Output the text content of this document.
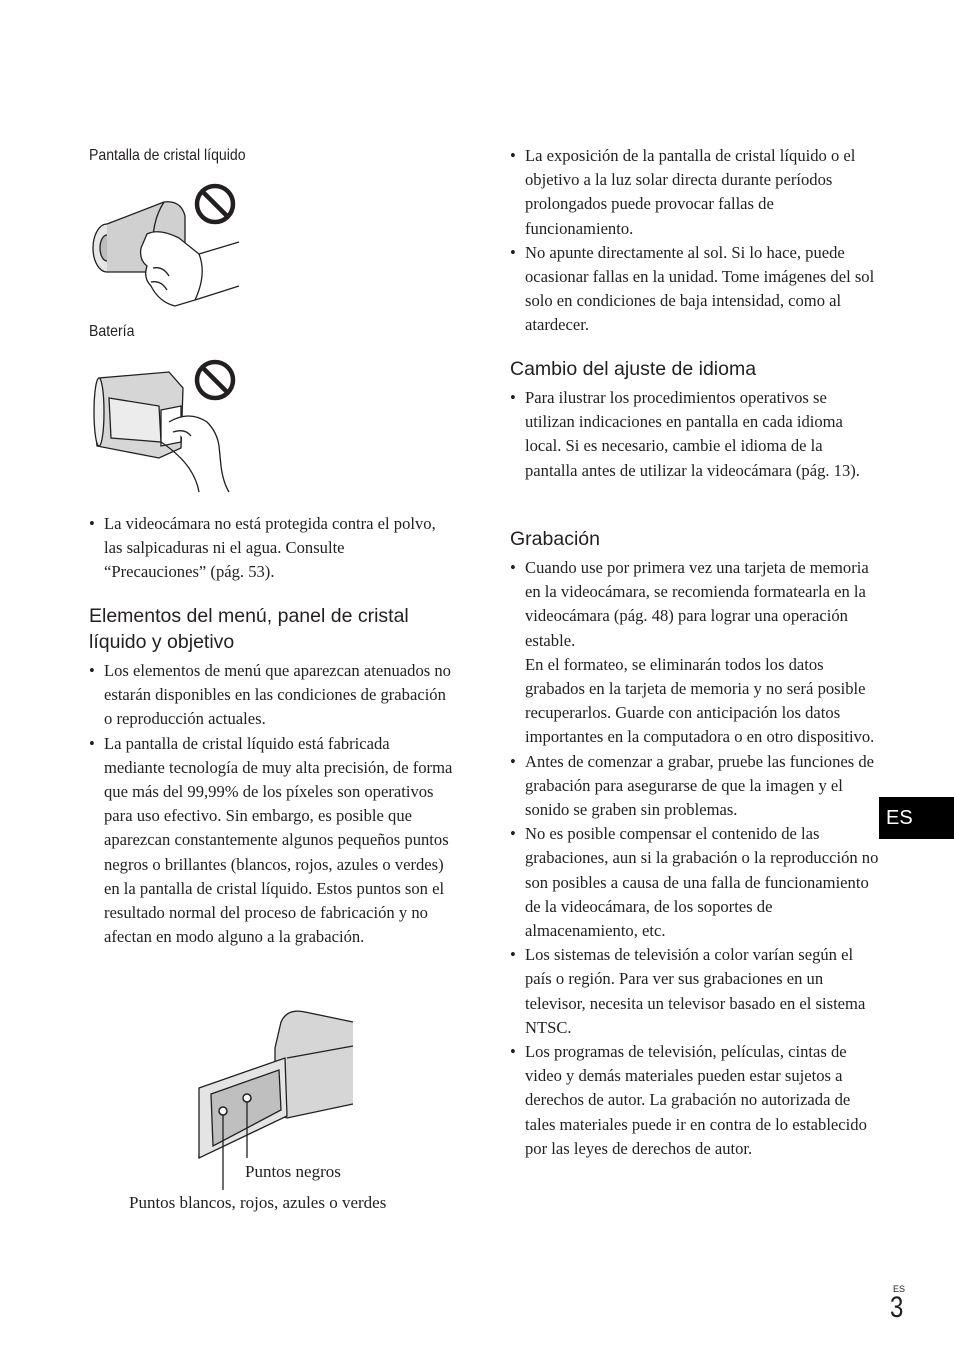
Pantalla de cristal líquido
Batería
• La videocámara no está protegida contra el polvo, las salpicaduras ni el agua. Consulte “Precauciones” (pág. 53).
Elementos del menú, panel de cristal líquido y objetivo
• Los elementos de menú que aparezcan atenuados no estarán disponibles en las condiciones de grabación o reproducción actuales.
• La pantalla de cristal líquido está fabricada mediante tecnología de muy alta precisión, de forma que más del 99,99% de los píxeles son operativos para uso efectivo. Sin embargo, es posible que aparezcan constantemente algunos pequeños puntos negros o brillantes (blancos, rojos, azules o verdes) en la pantalla de cristal líquido. Estos puntos son el resultado normal del proceso de fabricación y no afectan en modo alguno a la grabación.
Puntos negros
Puntos blancos, rojos, azules o verdes
• La exposición de la pantalla de cristal líquido o el objetivo a la luz solar directa durante períodos prolongados puede provocar fallas de funcionamiento.
• No apunte directamente al sol. Si lo hace, puede ocasionar fallas en la unidad. Tome imágenes del sol solo en condiciones de baja intensidad, como al atardecer.
Cambio del ajuste de idioma
• Para ilustrar los procedimientos operativos se utilizan indicaciones en pantalla en cada idioma local. Si es necesario, cambie el idioma de la pantalla antes de utilizar la videocámara (pág. 13).
Grabación
• Cuando use por primera vez una tarjeta de memoria en la videocámara, se recomienda formatearla en la videocámara (pág. 48) para lograr una operación estable.
En el formateo, se eliminarán todos los datos grabados en la tarjeta de memoria y no será posible recuperarlos. Guarde con anticipación los datos importantes en la computadora o en otro dispositivo.
• Antes de comenzar a grabar, pruebe las funciones de grabación para asegurarse de que la imagen y el sonido se graben sin problemas.
• No es posible compensar el contenido de las grabaciones, aun si la grabación o la reproducción no son posibles a causa de una falla de funcionamiento de la videocámara, de los soportes de almacenamiento, etc.
• Los sistemas de televisión a color varían según el país o región. Para ver sus grabaciones en un televisor, necesita un televisor basado en el sistema NTSC.
• Los programas de televisión, películas, cintas de video y demás materiales pueden estar sujetos a derechos de autor. La grabación no autorizada de tales materiales puede ir en contra de lo establecido por las leyes de derechos de autor.
ES
ES
3
